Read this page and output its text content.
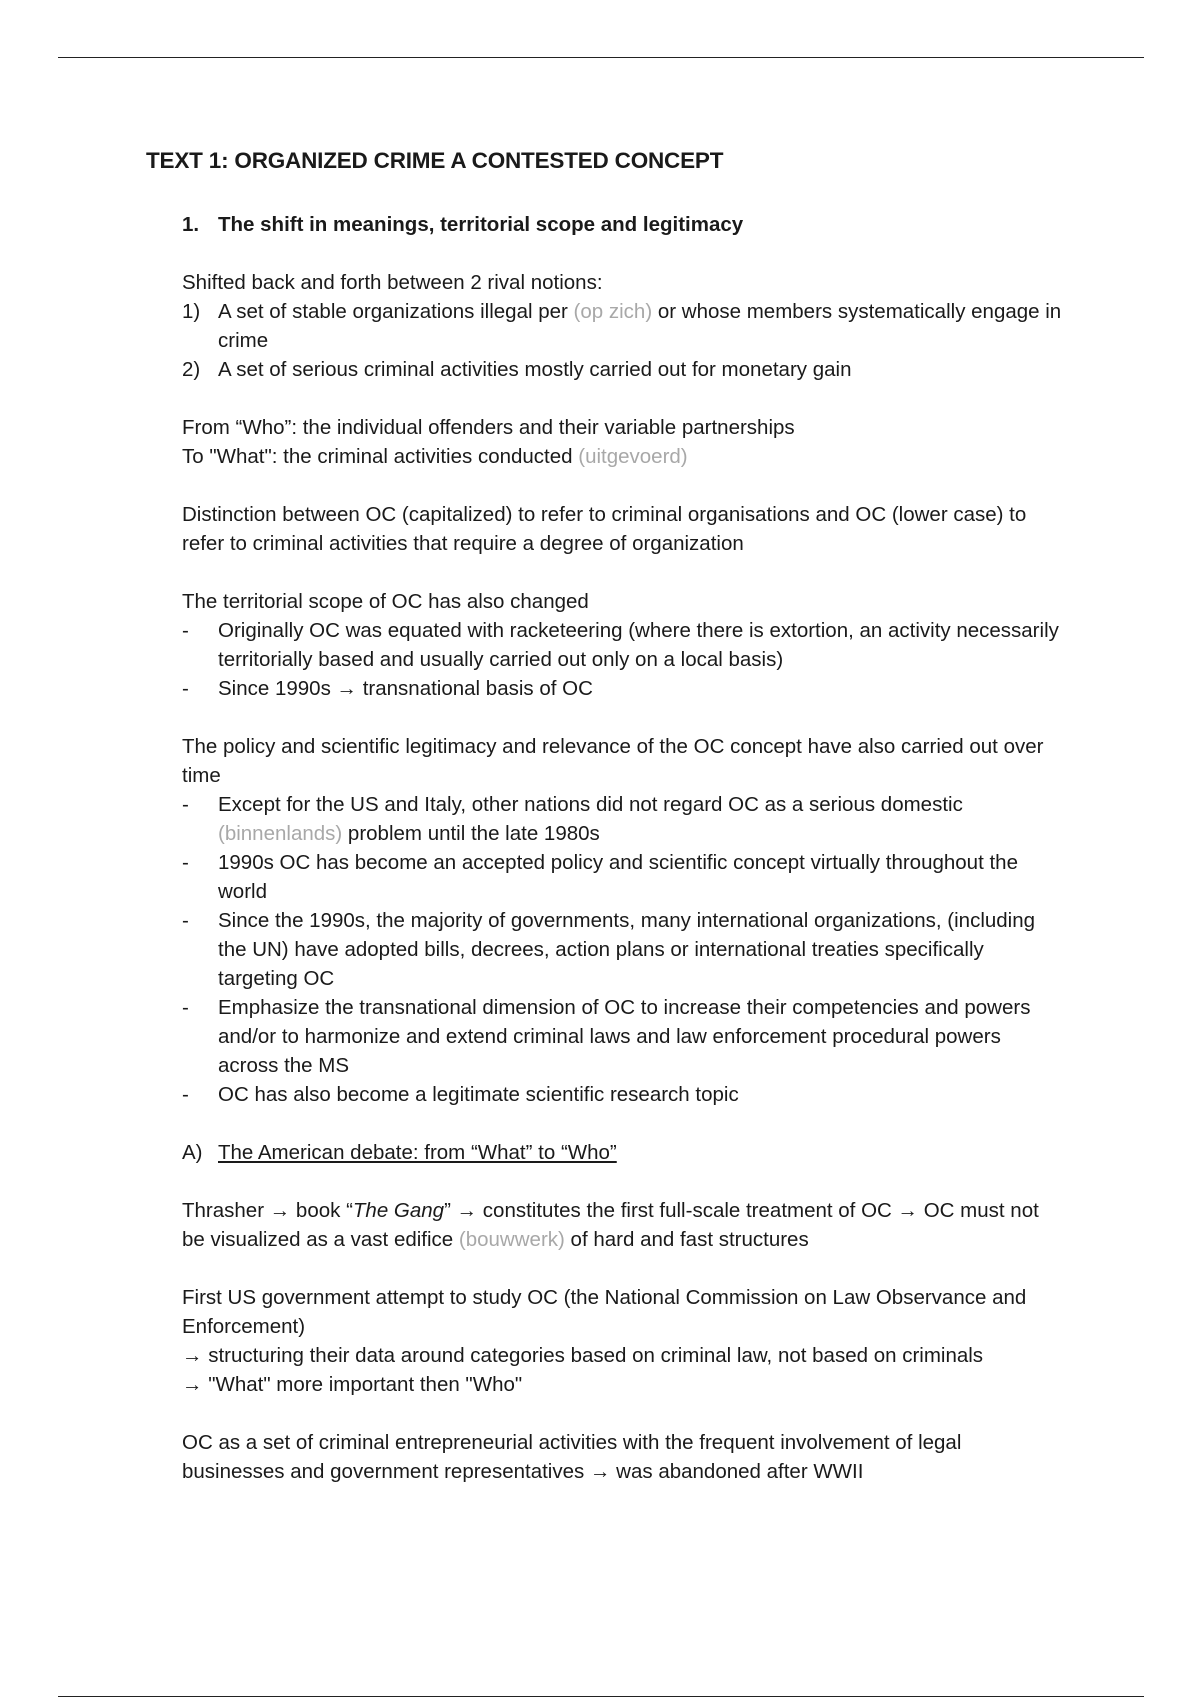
TEXT 1: ORGANIZED CRIME A CONTESTED CONCEPT
1. The shift in meanings, territorial scope and legitimacy

Shifted back and forth between 2 rival notions:

1) A set of stable organizations illegal per (op zich) or whose members systematically engage in crime
2) A set of serious criminal activities mostly carried out for monetary gain

From “Who”: the individual offenders and their variable partnerships

To "What": the criminal activities conducted (uitgevoerd)

Distinction between OC (capitalized) to refer to criminal organisations and OC (lower case) to refer to criminal activities that require a degree of organization

The territorial scope of OC has also changed

-	Originally OC was equated with racketeering (where there is extortion, an activity necessarily territorially based and usually carried out only on a local basis)
-	Since 1990s → transnational basis of OC

The policy and scientific legitimacy and relevance of the OC concept have also carried out over time

-	Except for the US and Italy, other nations did not regard OC as a serious domestic (binnenlands) problem until the late 1980s
-	1990s OC has become an accepted policy and scientific concept virtually throughout the world
-	Since the 1990s, the majority of governments, many international organizations, (including the UN) have adopted bills, decrees, action plans or international treaties specifically targeting OC
-	Emphasize the transnational dimension of OC to increase their competencies and powers and/or to harmonize and extend criminal laws and law enforcement procedural powers across the MS
-	OC has also become a legitimate scientific research topic
A) The American debate: from “What” to “Who”

Thrasher → book “The Gang” → constitutes the first full-scale treatment of OC → OC must not be visualized as a vast edifice (bouwwerk) of hard and fast structures

First US government attempt to study OC (the National Commission on Law Observance and Enforcement)

→ structuring their data around categories based on criminal law, not based on criminals

→ "What" more important then "Who"

OC as a set of criminal entrepreneurial activities with the frequent involvement of legal businesses and government representatives → was abandoned after WWII
